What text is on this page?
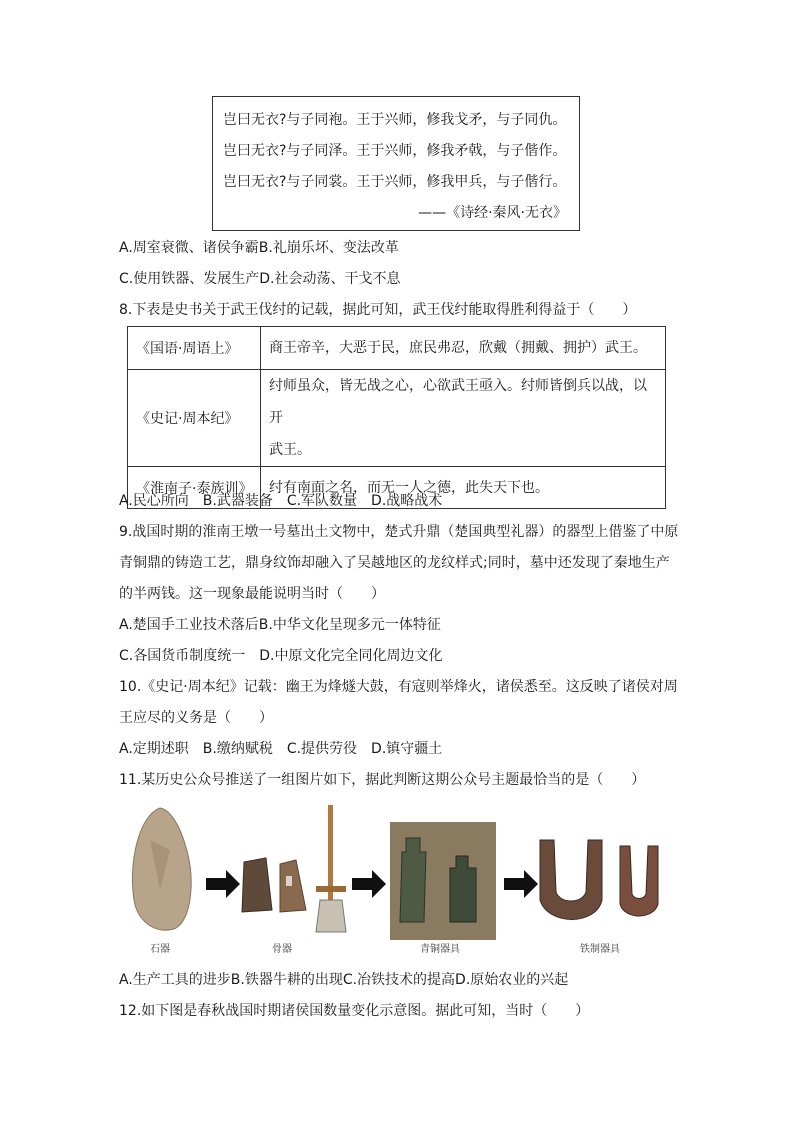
岂曰无衣?与子同袍。王于兴师，修我戈矛，与子同仇。
岂曰无衣?与子同泽。王于兴师，修我矛戟，与子偕作。
岂曰无衣?与子同裳。王于兴师，修我甲兵，与子偕行。
——《诗经·秦风·无衣》
A.周室衰微、诸侯争霸B.礼崩乐坏、变法改革
C.使用铁器、发展生产D.社会动荡、干戈不息
8.下表是史书关于武王伐纣的记载，据此可知，武王伐纣能取得胜利得益于（　　）
《国语·周语上》	商王帝辛，大恶于民，庶民弗忍，欣戴（拥戴、拥护）武王。

《史记·周本纪》	纣师虽众，皆无战之心，心欲武王亟入。纣师皆倒兵以战，以开
武王。

《淮南子·泰族训》	纣有南面之名，而无一人之德，此失天下也。
A.民心所向　B.武器装备　C.军队数量　D.战略战术
9.战国时期的淮南王墩一号墓出土文物中，楚式升鼎（楚国典型礼器）的器型上借鉴了中原
青铜鼎的铸造工艺，鼎身纹饰却融入了吴越地区的龙纹样式;同时，墓中还发现了秦地生产
的半两钱。这一现象最能说明当时（　　）
A.楚国手工业技术落后B.中华文化呈现多元一体特征
C.各国货币制度统一　D.中原文化完全同化周边文化
10.《史记·周本纪》记载：幽王为烽燧大鼓，有寇则举烽火，诸侯悉至。这反映了诸侯对周
王应尽的义务是（　　）
A.定期述职　B.缴纳赋税　C.提供劳役　D.镇守疆土
11.某历史公众号推送了一组图片如下，据此判断这期公众号主题最恰当的是（　　）
石器	骨器	青铜器具	铁制器具
A.生产工具的进步B.铁器牛耕的出现C.冶铁技术的提高D.原始农业的兴起
12.如下图是春秋战国时期诸侯国数量变化示意图。据此可知，当时（　　）
